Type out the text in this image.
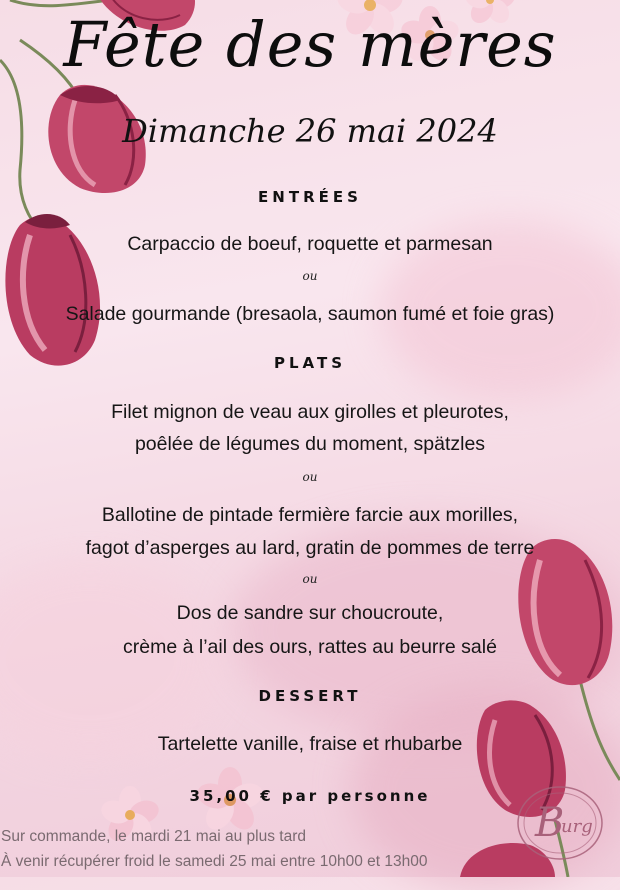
Fête des mères
Dimanche 26 mai 2024
ENTRÉES
Carpaccio de boeuf, roquette et parmesan
ou
Salade gourmande (bresaola, saumon fumé et foie gras)
PLATS
Filet mignon de veau aux girolles et pleurotes,
poêlée de légumes du moment, spätzles
ou
Ballotine de pintade fermière farcie aux morilles,
fagot d’asperges au lard, gratin de pommes de terre
ou
Dos de sandre sur choucroute,
crème à l’ail des ours, rattes au beurre salé
DESSERT
Tartelette vanille, fraise et rhubarbe
35,00 € par personne
Sur commande, le mardi 21 mai au plus tard
À venir récupérer froid le samedi 25 mai entre 10h00 et 13h00
B
urg
